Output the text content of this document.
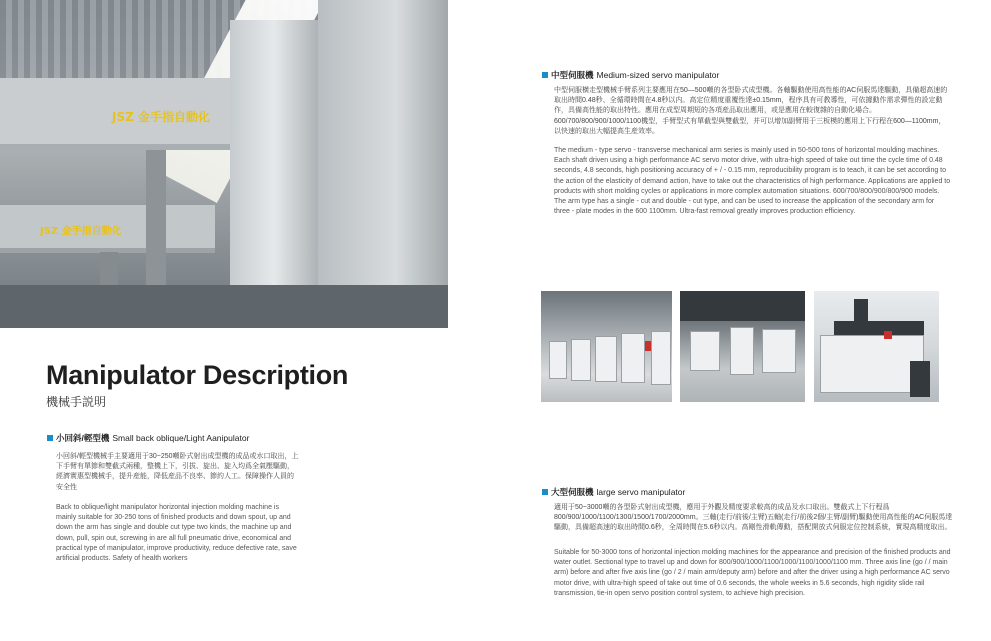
JSZ 金手指自動化
JSZ 金手指自動化
Manipulator Description
機械手説明
小回斜/輕型機 Small back oblique/Light Aanipulator
小回斜/輕型機械手主要適用于30−250噸卧式射出成型機的成品或水口取出，上下手臂有單節和雙截式兩種，整機上下，引拔、旋出、旋入均爲全氣壓驅動，經濟實惠型機械手，提升産能，降低産品不良率、節約人工。保障操作人員的安全性
Back to oblique/light manipulator horizontal injection molding machine is mainly suitable for 30-250 tons of finished products and down spout, up and down the arm has single and double cut type two kinds, the machine up and down, pull, spin out, screwing in are all full pneumatic drive, economical and practical type of manipulator, improve productivity, reduce defective rate, save artificial products. Safety of health workers
中型伺服機 Medium-sized servo manipulator
中型伺服横走型機械手臂系列主要應用在50—500噸的各型卧式成型機。各軸驅動使用高性能的AC伺服馬達驅動，具備超高速的取出時間0.48秒、全循環時間在4.8秒以内。高定位精度重覆性達±0.15mm，程序具有可教導性，可依據動作需求彈性的設定動作，具備高性能的取出特性。應用在成型周期短的各項産品取出應用，或是應用在較復雜的自動化場合。600/700/800/900/1000/1100機型，手臂型式有單截型與雙截型，并可以增加副臂用于三板模的應用上下行程在600—1100mm，以快速的取出大幅提高生産效率。
The medium - type servo - transverse mechanical arm series is mainly used in 50-500 tons of horizontal moulding machines. Each shaft driven using a high performance AC servo motor drive, with ultra-high speed of take out time the cycle time of 0.48 seconds, 4.8 seconds, high positioning accuracy of + / - 0.15 mm, reproducibility program is to teach, it can be set according to the action of the elasticity of demand action, have to take out the characteristics of high performance. Applications are applied to products with short molding cycles or applications in more complex automation situations. 600/700/800/900/800/900 models. The arm type has a single - cut and double - cut type, and can be used to increase the application of the secondary arm for three - plate modes in the 600 1100mm. Ultra-fast removal greatly improves production efficiency.
大型伺服機 large servo manipulator
適用于50−3000噸的各型卧式射出成型機，應用于外觀及精度要求較高的成品及水口取出。雙截式上下行程爲800/900/1000/1100/1300/1500/1700/2000mm。三軸(走行/前後/主臂)五軸(走行/前後2個/主臂/副臂)驅動使用高性能的AC伺服馬達驅動，具備超高速的取出時間0.6秒，全周時間在5.6秒以内。高剛性滑軌傳動，搭配開放式伺服定位控制系統，實現高精度取出。
Suitable for 50-3000 tons of horizontal injection molding machines for the appearance and precision of the finished products and water outlet. Sectional type to travel up and down for 800/900/1000/1100/1000/1100/1000/1100 mm. Three axis line (go / / main arm) before and after five axis line (go / 2 / main arm/deputy arm) before and after the driver using a high performance AC servo motor drive, with ultra-high speed of take out time of 0.6 seconds, the whole weeks in 5.6 seconds, high rigidity slide rail transmission, tie-in open servo position control system, to achieve high precision.
